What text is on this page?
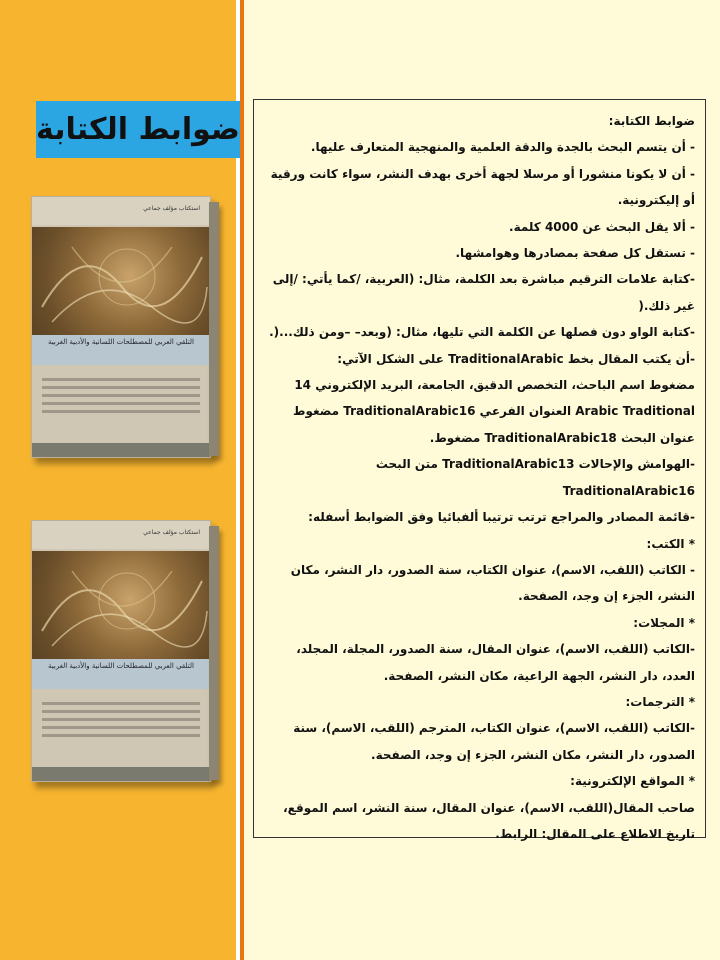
ضوابط الكتابة
استكتاب مؤلف جماعي
التلقي العربي للمصطلحات اللسانية والأدبية الغربية
استكتاب مؤلف جماعي
التلقي العربي للمصطلحات اللسانية والأدبية الغربية

ضوابط الكتابة:

- أن يتسم البحث بالجدة والدقة العلمية والمنهجية المتعارف عليها.

- أن لا يكونا منشورا أو مرسلا لجهة أخرى بهدف النشر، سواء كانت ورقية أو إليكترونية.

- ألا يقل البحث عن 4000 كلمة.

- تستقل كل صفحة بمصادرها وهوامشها.

-كتابة علامات الترقيم مباشرة بعد الكلمة، مثال: (العربية، /كما يأتي: /إلى غير ذلك.(

-كتابة الواو دون فصلها عن الكلمة التي تليها، مثال: (وبعد– –ومن ذلك...(.

-أن يكتب المقال بخط TraditionalArabic على الشكل الآتي:

مضغوط اسم الباحث، التخصص الدقيق، الجامعة، البريد الإلكتروني 14 Arabic Traditional العنوان الفرعي TraditionalArabic16 مضغوط عنوان البحث TraditionalArabic18 مضغوط.

-الهوامش والإحالات TraditionalArabic13 متن البحث TraditionalArabic16

-قائمة المصادر والمراجع ترتب ترتيبا ألفبائيا وفق الضوابط أسفله:

* الكتب:

- الكاتب (اللقب، الاسم)، عنوان الكتاب، سنة الصدور، دار النشر، مكان النشر، الجزء إن وجد، الصفحة.

* المجلات:

-الكاتب (اللقب، الاسم)، عنوان المقال، سنة الصدور، المجلة، المجلد، العدد، دار النشر، الجهة الراعية، مكان النشر، الصفحة.

* الترجمات:

-الكاتب (اللقب، الاسم)، عنوان الكتاب، المترجم (اللقب، الاسم)، سنة الصدور، دار النشر، مكان النشر، الجزء إن وجد، الصفحة.

* المواقع الإلكترونية:

صاحب المقال(اللقب، الاسم)، عنوان المقال، سنة النشر، اسم الموقع، تاريخ الاطلاع على المقال: الرابط.
